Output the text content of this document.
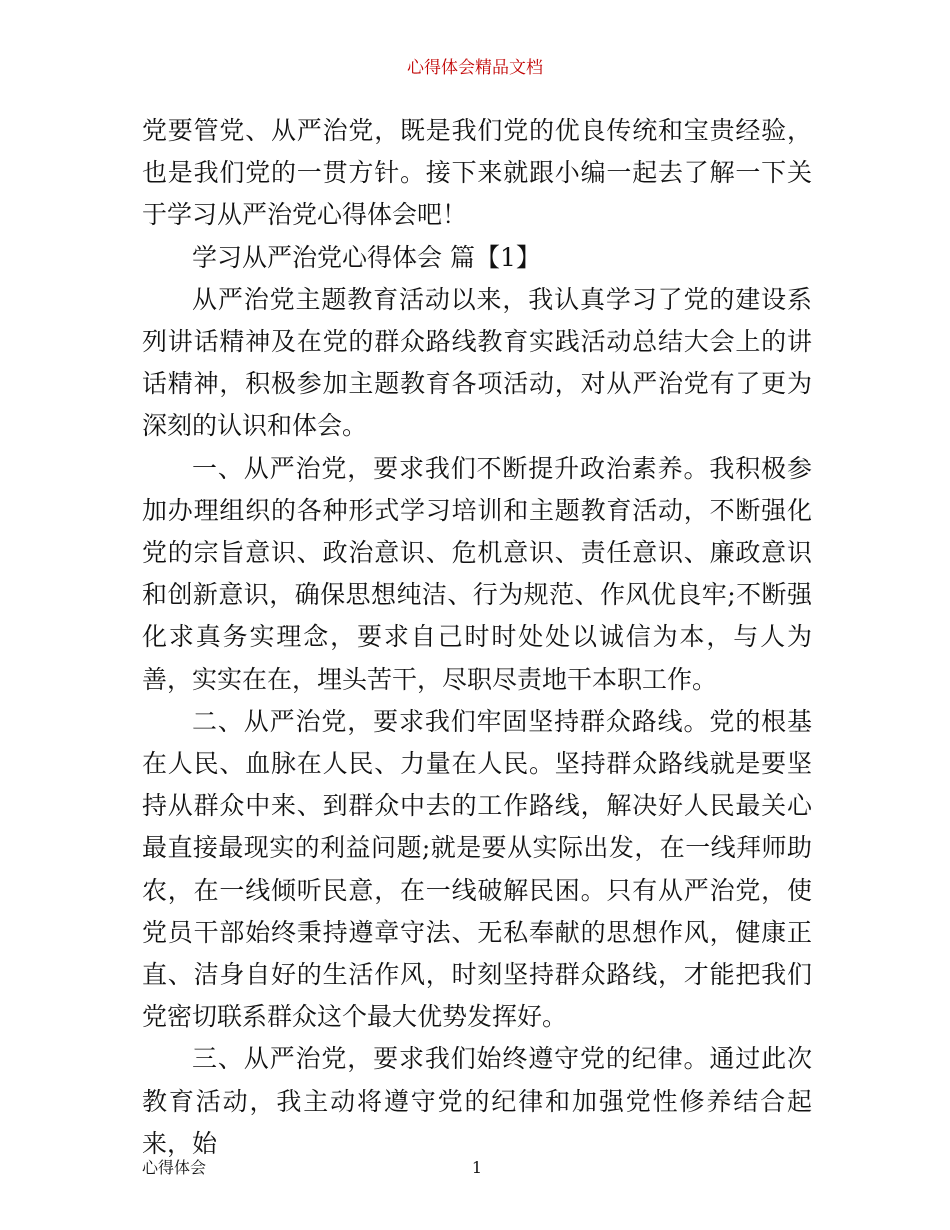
心得体会精品文档

党要管党、从严治党，既是我们党的优良传统和宝贵经验，也是我们党的一贯方针。接下来就跟小编一起去了解一下关于学习从严治党心得体会吧！

学习从严治党心得体会 篇【1】

从严治党主题教育活动以来，我认真学习了党的建设系列讲话精神及在党的群众路线教育实践活动总结大会上的讲话精神，积极参加主题教育各项活动，对从严治党有了更为深刻的认识和体会。

一、从严治党，要求我们不断提升政治素养。我积极参加办理组织的各种形式学习培训和主题教育活动，不断强化党的宗旨意识、政治意识、危机意识、责任意识、廉政意识和创新意识，确保思想纯洁、行为规范、作风优良牢;不断强化求真务实理念，要求自己时时处处以诚信为本，与人为善，实实在在，埋头苦干，尽职尽责地干本职工作。

二、从严治党，要求我们牢固坚持群众路线。党的根基在人民、血脉在人民、力量在人民。坚持群众路线就是要坚持从群众中来、到群众中去的工作路线，解决好人民最关心最直接最现实的利益问题;就是要从实际出发，在一线拜师助农，在一线倾听民意，在一线破解民困。只有从严治党，使党员干部始终秉持遵章守法、无私奉献的思想作风，健康正直、洁身自好的生活作风，时刻坚持群众路线，才能把我们党密切联系群众这个最大优势发挥好。

三、从严治党，要求我们始终遵守党的纪律。通过此次教育活动，我主动将遵守党的纪律和加强党性修养结合起来，始

心得体会	1
